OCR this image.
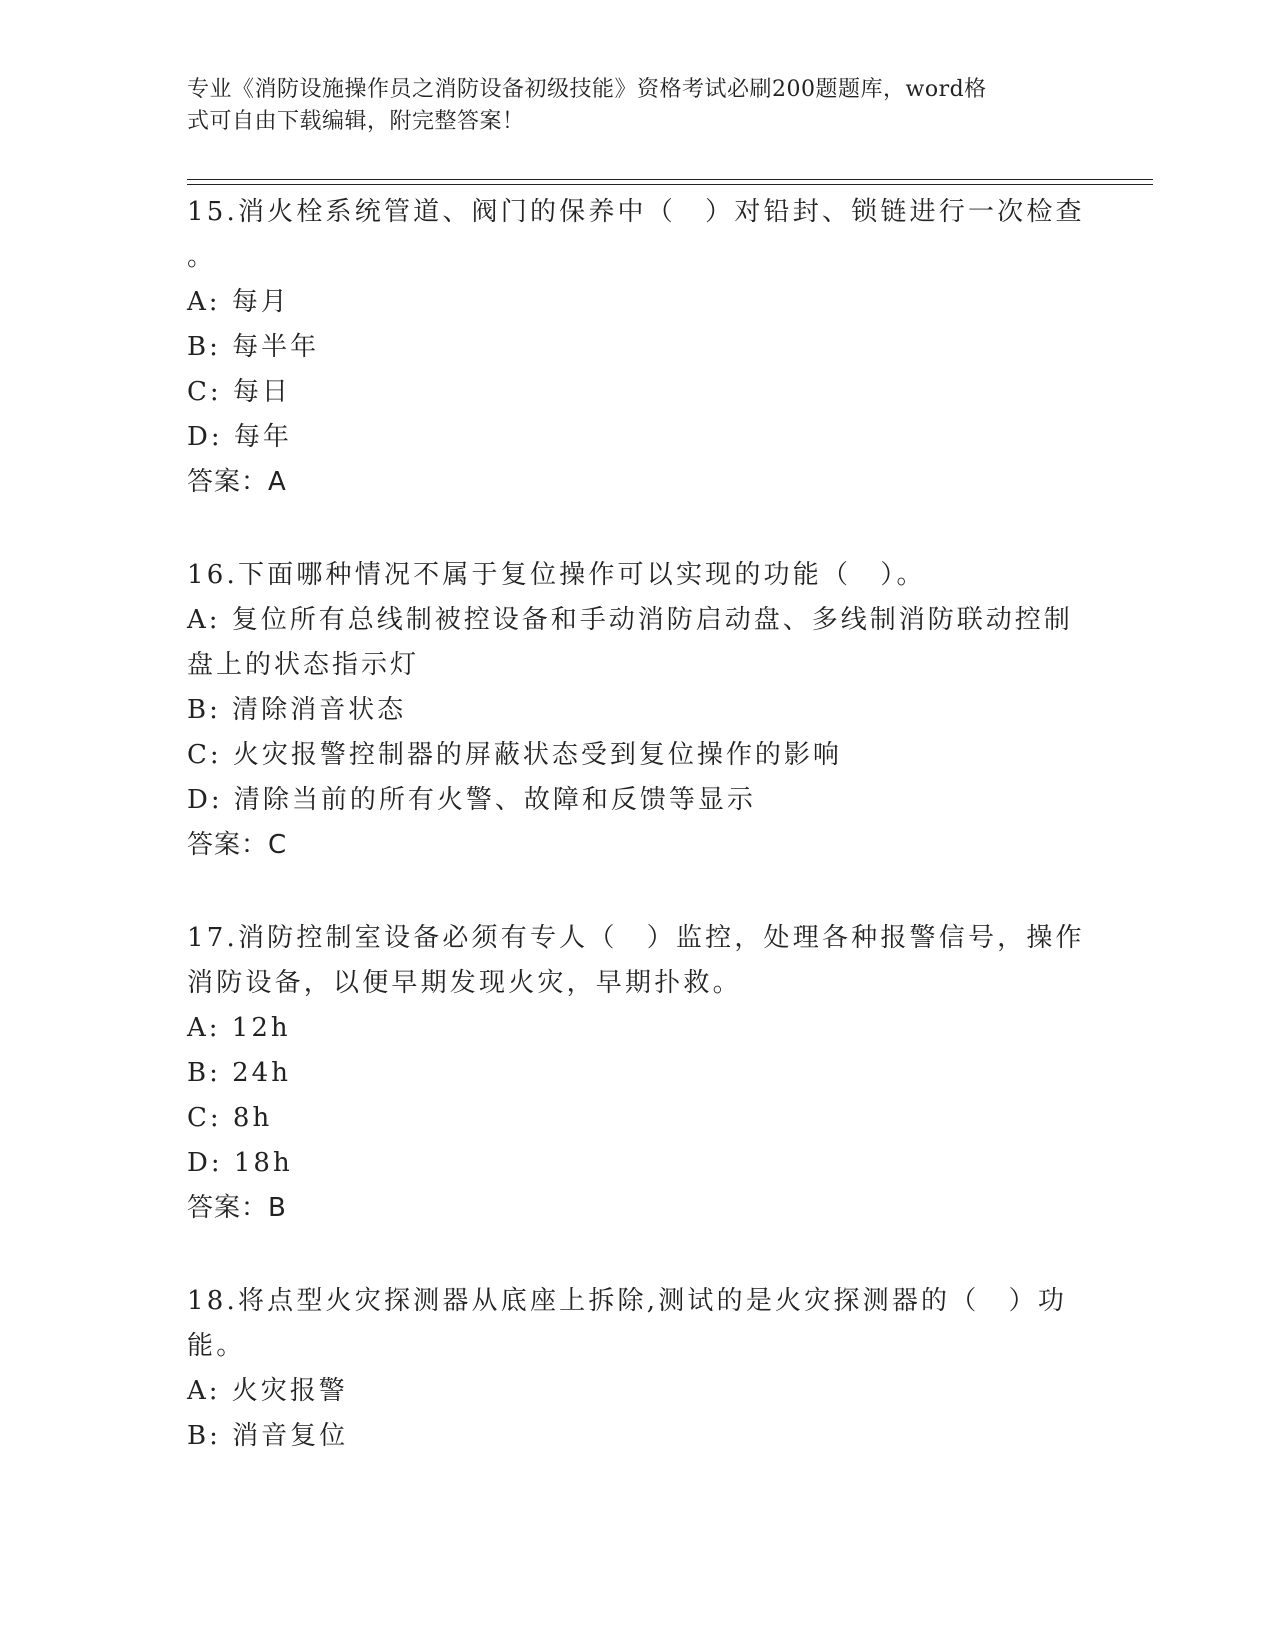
专业《消防设施操作员之消防设备初级技能》资格考试必刷200题题库，word格
式可自由下载编辑，附完整答案！
15.消火栓系统管道、阀门的保养中（　）对铅封、锁链进行一次检查
。
A: 每月
B: 每半年
C: 每日
D: 每年
答案：A
16.下面哪种情况不属于复位操作可以实现的功能（　）。
A: 复位所有总线制被控设备和手动消防启动盘、多线制消防联动控制
盘上的状态指示灯
B: 清除消音状态
C: 火灾报警控制器的屏蔽状态受到复位操作的影响
D: 清除当前的所有火警、故障和反馈等显示
答案：C
17.消防控制室设备必须有专人（　）监控，处理各种报警信号，操作
消防设备，以便早期发现火灾，早期扑救。
A: 12h
B: 24h
C: 8h
D: 18h
答案：B
18.将点型火灾探测器从底座上拆除,测试的是火灾探测器的（　）功
能。
A: 火灾报警
B: 消音复位
